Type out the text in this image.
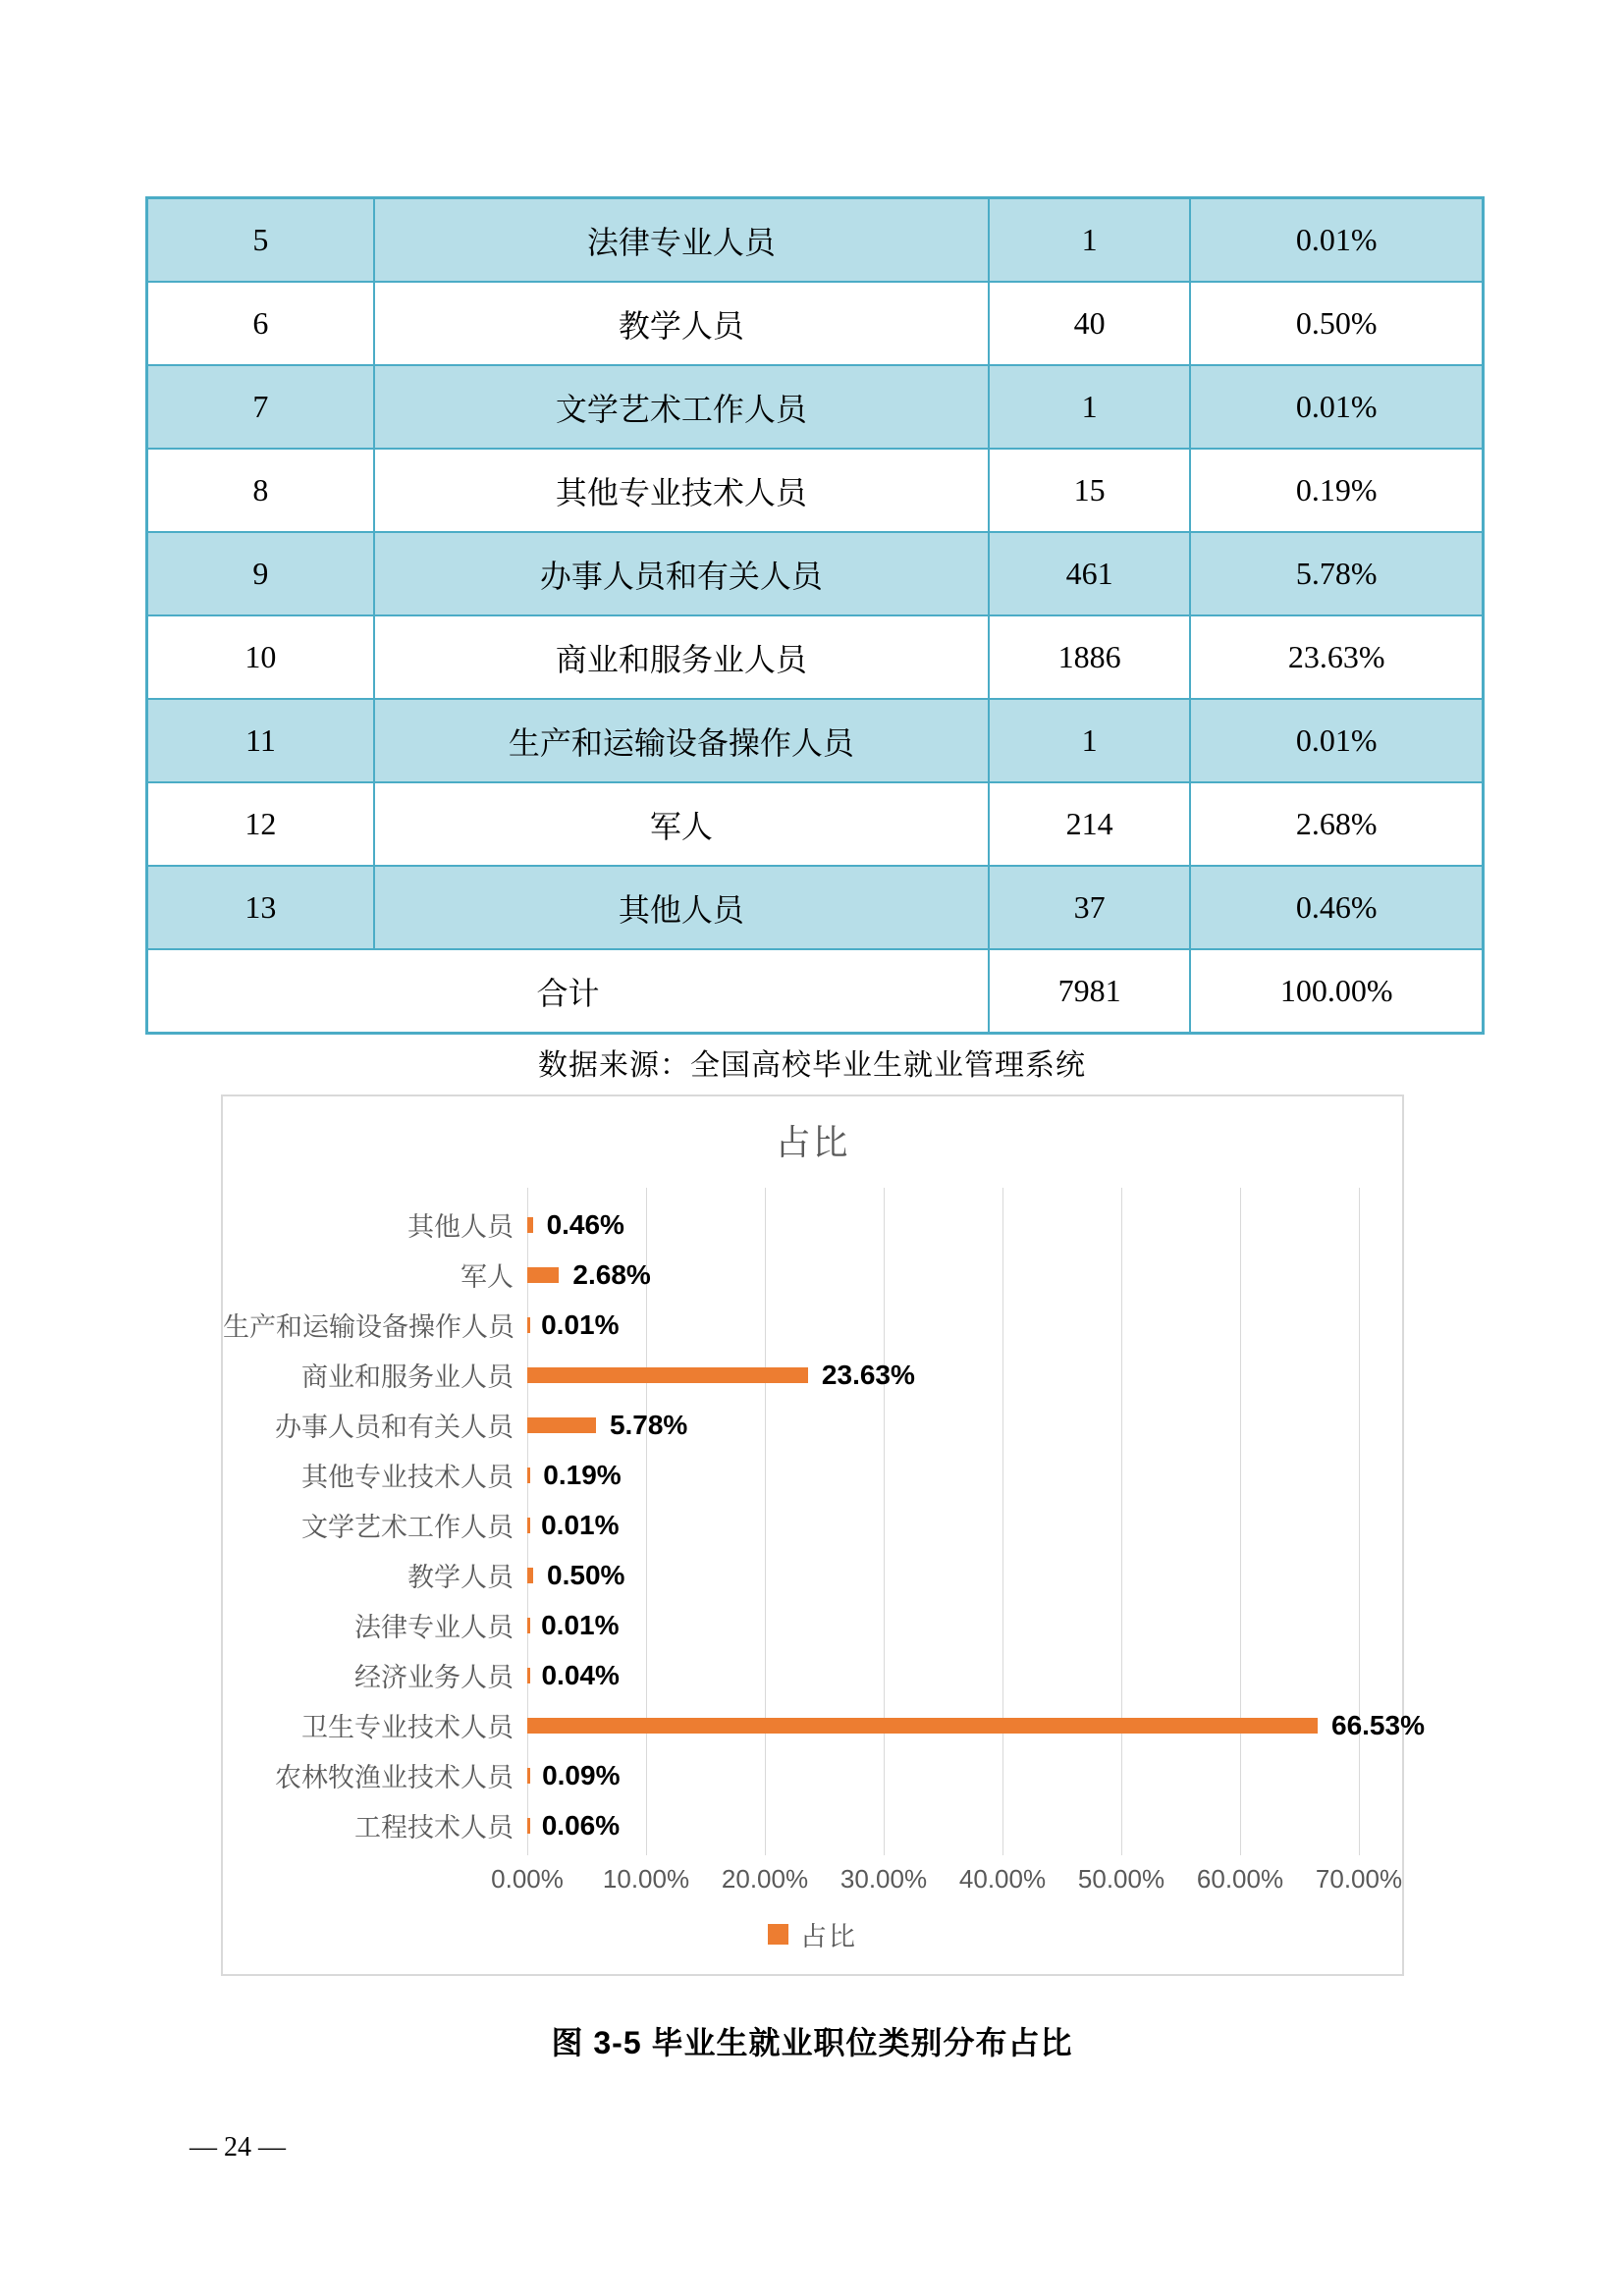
5	法律专业人员	1	0.01%
6	教学人员	40	0.50%
7	文学艺术工作人员	1	0.01%
8	其他专业技术人员	15	0.19%
9	办事人员和有关人员	461	5.78%
10	商业和服务业人员	1886	23.63%
11	生产和运输设备操作人员	1	0.01%
12	军人	214	2.68%
13	其他人员	37	0.46%
合计		7981	100.00%
数据来源：全国高校毕业生就业管理系统
占比
其他人员	0.46%
军人	2.68%
生产和运输设备操作人员 0.01%
商业和服务业人员	23.63%
办事人员和有关人员	5.78%
其他专业技术人员	0.19%
文学艺术工作人员	0.01%
教学人员	0.50%
法律专业人员	0.01%
经济业务人员	0.04%
卫生专业技术人员	66.53%
农林牧渔业技术人员	0.09%
工程技术人员	0.06%
0.00% 10.00% 20.00% 30.00% 40.00% 50.00% 60.00% 70.00%
占比
图 3-5 毕业生就业职位类别分布占比
— 24 —
